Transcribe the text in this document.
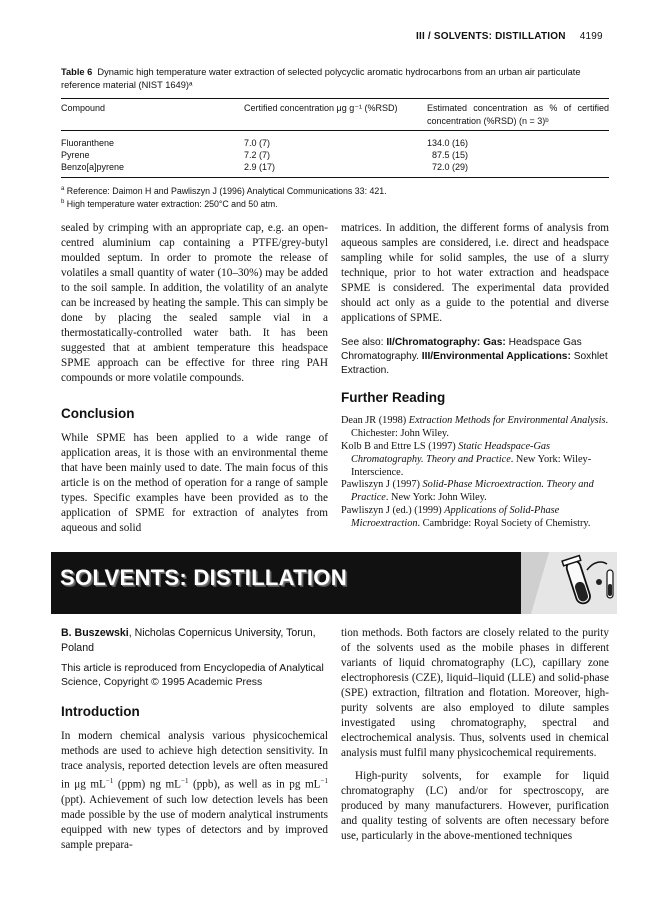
III / SOLVENTS: DISTILLATION 4199
Table 6 Dynamic high temperature water extraction of selected polycyclic aromatic hydrocarbons from an urban air particulate reference material (NIST 1649)ᵃ
Compound	Certified concentration μg g⁻¹ (%RSD)	Estimated concentration as % of certified concentration (%RSD) (n = 3)ᵇ
Fluoranthene	7.0 (7)	134.0 (16)
Pyrene	7.2 (7)	87.5 (15)
Benzo[a]pyrene	2.9 (17)	72.0 (29)
$^a$ Reference: Daimon H and Pawliszyn J (1996) Analytical Communications 33: 421.
$^b$ High temperature water extraction: 250°C and 50 atm.
sealed by crimping with an appropriate cap, e.g. an open-centred aluminium cap containing a PTFE/grey-butyl moulded septum. In order to promote the release of volatiles a small quantity of water (10–30%) may be added to the soil sample. In addition, the volatility of an analyte can be increased by heating the sample. This can simply be done by placing the sealed sample vial in a thermostatically-controlled water bath. It has been suggested that at ambient temperature this headspace SPME approach can be effective for three ring PAH compounds or more volatile compounds.
Conclusion
While SPME has been applied to a wide range of application areas, it is those with an environmental theme that have been mainly used to date. The main focus of this article is on the method of operation for a range of sample types. Specific examples have been provided as to the application of SPME for extraction of analytes from aqueous and solid
matrices. In addition, the different forms of analysis from aqueous samples are considered, i.e. direct and headspace sampling while for solid samples, the use of a slurry technique, prior to hot water extraction and headspace SPME is considered. The experimental data provided should act only as a guide to the potential and diverse applications of SPME.
See also: II/Chromatography: Gas: Headspace Gas Chromatography. III/Environmental Applications: Soxhlet Extraction.
Further Reading
Dean JR (1998) Extraction Methods for Environmental Analysis. Chichester: John Wiley.
Kolb B and Ettre LS (1997) Static Headspace-Gas Chromatography. Theory and Practice. New York: Wiley-Interscience.
Pawliszyn J (1997) Solid-Phase Microextraction. Theory and Practice. New York: John Wiley.
Pawliszyn J (ed.) (1999) Applications of Solid-Phase Microextraction. Cambridge: Royal Society of Chemistry.
SOLVENTS: DISTILLATION
B. Buszewski, Nicholas Copernicus University, Torun, Poland
This article is reproduced from Encyclopedia of Analytical Science, Copyright © 1995 Academic Press
Introduction
In modern chemical analysis various physicochemical methods are used to achieve high detection sensitivity. In trace analysis, reported detection levels are often measured in μg $mL^{-1}$ (ppm) ng $mL^{-1}$ (ppb), as well as in pg $mL^{-1}$ (ppt). Achievement of such low detection levels has been made possible by the use of modern analytical instruments equipped with new types of detectors and by improved sample prepara-
tion methods. Both factors are closely related to the purity of the solvents used as the mobile phases in different variants of liquid chromatography (LC), capillary zone electrophoresis (CZE), liquid–liquid (LLE) and solid-phase (SPE) extraction, filtration and flotation. Moreover, high-purity solvents are also employed to dilute samples investigated using chromatography, spectral and electrochemical analysis. Thus, solvents used in chemical analysis must fulfil many physicochemical requirements.
High-purity solvents, for example for liquid chromatography (LC) and/or for spectroscopy, are produced by many manufacturers. However, purification and quality testing of solvents are often necessary before use, particularly in the above-mentioned techniques
